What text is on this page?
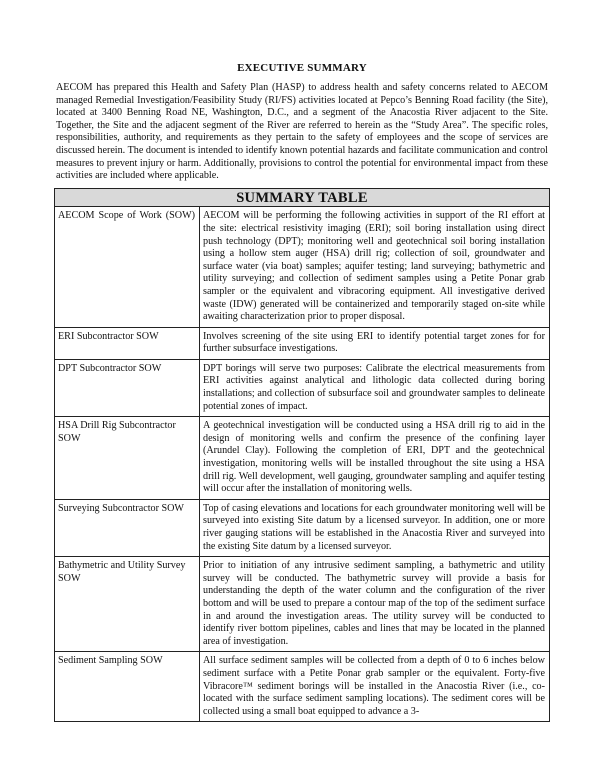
EXECUTIVE SUMMARY

AECOM has prepared this Health and Safety Plan (HASP) to address health and safety concerns related to AECOM managed Remedial Investigation/Feasibility Study (RI/FS) activities located at Pepco’s Benning Road facility (the Site), located at 3400 Benning Road NE, Washington, D.C., and a segment of the Anacostia River adjacent to the Site. Together, the Site and the adjacent segment of the River are referred to herein as the “Study Area”. The specific roles, responsibilities, authority, and requirements as they pertain to the safety of employees and the scope of services are discussed herein. The document is intended to identify known potential hazards and facilitate communication and control measures to prevent injury or harm. Additionally, provisions to control the potential for environmental impact from these activities are included where applicable.

SUMMARY TABLE	
AECOM Scope of Work (SOW)	AECOM will be performing the following activities in support of the RI effort at the site: electrical resistivity imaging (ERI); soil boring installation using direct push technology (DPT); monitoring well and geotechnical soil boring installation using a hollow stem auger (HSA) drill rig; collection of soil, groundwater and surface water (via boat) samples; aquifer testing; land surveying; bathymetric and utility surveying; and collection of sediment samples using a Petite Ponar grab sampler or the equivalent and vibracoring equipment. All investigative derived waste (IDW) generated will be containerized and temporarily staged on-site while awaiting characterization prior to proper disposal.
ERI Subcontractor SOW	Involves screening of the site using ERI to identify potential target zones for for further subsurface investigations.
DPT Subcontractor SOW	DPT borings will serve two purposes: Calibrate the electrical measurements from ERI activities against analytical and lithologic data collected during boring installations; and collection of subsurface soil and groundwater samples to delineate potential zones of impact.
HSA Drill Rig Subcontractor SOW	A geotechnical investigation will be conducted using a HSA drill rig to aid in the design of monitoring wells and confirm the presence of the confining layer (Arundel Clay). Following the completion of ERI, DPT and the geotechnical investigation, monitoring wells will be installed throughout the site using a HSA drill rig. Well development, well gauging, groundwater sampling and aquifer testing will occur after the installation of monitoring wells.
Surveying Subcontractor SOW	Top of casing elevations and locations for each groundwater monitoring well will be surveyed into existing Site datum by a licensed surveyor. In addition, one or more river gauging stations will be established in the Anacostia River and surveyed into the existing Site datum by a licensed surveyor.
Bathymetric and Utility Survey SOW	Prior to initiation of any intrusive sediment sampling, a bathymetric and utility survey will be conducted. The bathymetric survey will provide a basis for understanding the depth of the water column and the configuration of the river bottom and will be used to prepare a contour map of the top of the sediment surface in and around the investigation areas. The utility survey will be conducted to identify river bottom pipelines, cables and lines that may be located in the planned area of investigation.
Sediment Sampling SOW	All surface sediment samples will be collected from a depth of 0 to 6 inches below sediment surface with a Petite Ponar grab sampler or the equivalent. Forty-five Vibracore™ sediment borings will be installed in the Anacostia River (i.e., co-located with the surface sediment sampling locations). The sediment cores will be collected using a small boat equipped to advance a 3-
